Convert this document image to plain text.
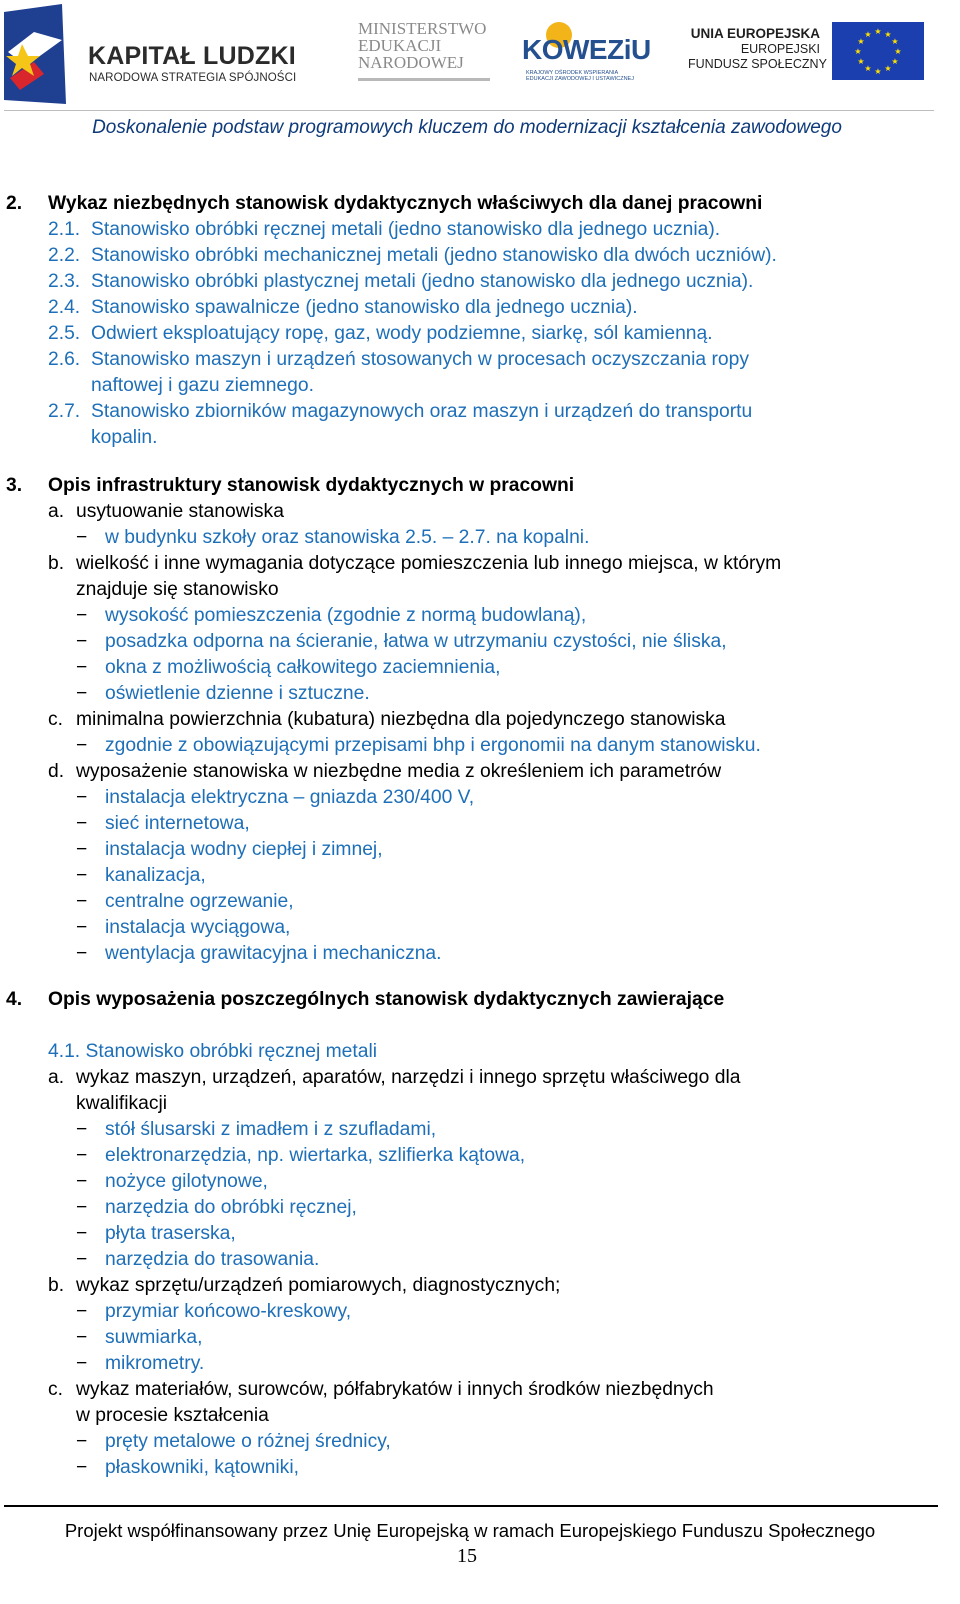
KAPITAŁ LUDZKI
NARODOWA STRATEGIA SPÓJNOŚCI
MINISTERSTWO
EDUKACJI
NARODOWEJ	KOWEZiU
KRAJOWY OŚRODEK WSPIERANIA
EDUKACJI ZAWODOWEJ I USTAWICZNEJ
UNIA EUROPEJSKA
EUROPEJSKI
FUNDUSZ SPOŁECZNY
★ ★
★
★
★
★
★
★
★
★
★
★
Doskonalenie podstaw programowych kluczem do modernizacji kształcenia zawodowego
2. Wykaz niezbędnych stanowisk dydaktycznych właściwych dla danej pracowni
2.1. Stanowisko obróbki ręcznej metali (jedno stanowisko dla jednego ucznia).
2.2. Stanowisko obróbki mechanicznej metali (jedno stanowisko dla dwóch uczniów).
2.3. Stanowisko obróbki plastycznej metali (jedno stanowisko dla jednego ucznia).
2.4. Stanowisko spawalnicze (jedno stanowisko dla jednego ucznia).
2.5. Odwiert eksploatujący ropę, gaz, wody podziemne, siarkę, sól kamienną.
2.6. Stanowisko maszyn i urządzeń stosowanych w procesach oczyszczania ropy
naftowej i gazu ziemnego.
2.7. Stanowisko zbiorników magazynowych oraz maszyn i urządzeń do transportu
kopalin.
3. Opis infrastruktury stanowisk dydaktycznych w pracowni
a. usytuowanie stanowiska
− w budynku szkoły oraz stanowiska 2.5. – 2.7. na kopalni.
b. wielkość i inne wymagania dotyczące pomieszczenia lub innego miejsca, w którym
znajduje się stanowisko
− wysokość pomieszczenia (zgodnie z normą budowlaną),
− posadzka odporna na ścieranie, łatwa w utrzymaniu czystości, nie śliska,
− okna z możliwością całkowitego zaciemnienia,
− oświetlenie dzienne i sztuczne.
c. minimalna powierzchnia (kubatura) niezbędna dla pojedynczego stanowiska
− zgodnie z obowiązującymi przepisami bhp i ergonomii na danym stanowisku.
d. wyposażenie stanowiska w niezbędne media z określeniem ich parametrów
− instalacja elektryczna – gniazda 230/400 V,
− sieć internetowa,
− instalacja wodny ciepłej i zimnej,
− kanalizacja,
− centralne ogrzewanie,
− instalacja wyciągowa,
− wentylacja grawitacyjna i mechaniczna.
4. Opis wyposażenia poszczególnych stanowisk dydaktycznych zawierające
4.1. Stanowisko obróbki ręcznej metali
a. wykaz maszyn, urządzeń, aparatów, narzędzi i innego sprzętu właściwego dla
kwalifikacji
− stół ślusarski z imadłem i z szufladami,
− elektronarzędzia, np. wiertarka, szlifierka kątowa,
− nożyce gilotynowe,
− narzędzia do obróbki ręcznej,
− płyta traserska,
− narzędzia do trasowania.
b. wykaz sprzętu/urządzeń pomiarowych, diagnostycznych;
− przymiar końcowo-kreskowy,
− suwmiarka,
− mikrometry.
c. wykaz materiałów, surowców, półfabrykatów i innych środków niezbędnych
w procesie kształcenia
− pręty metalowe o różnej średnicy,
− płaskowniki, kątowniki,
Projekt współfinansowany przez Unię Europejską w ramach Europejskiego Funduszu Społecznego
15
